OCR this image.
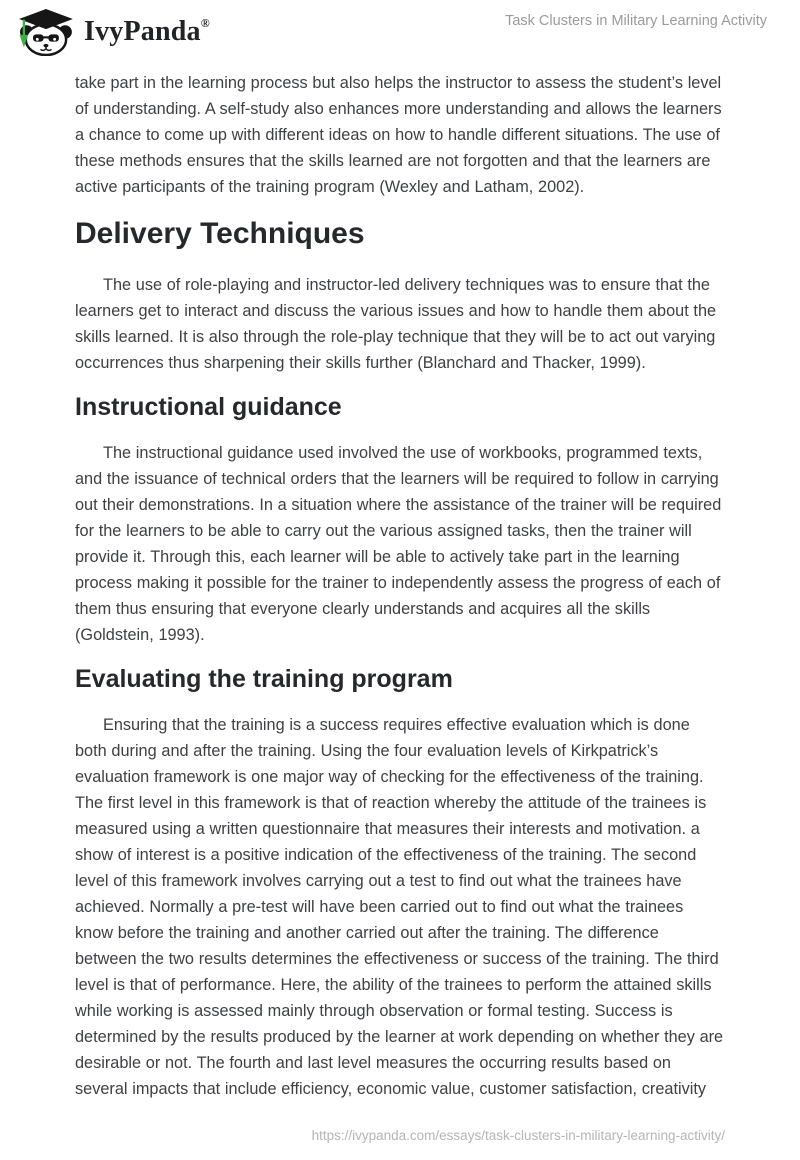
IvyPanda®	Task Clusters in Military Learning Activity

take part in the learning process but also helps the instructor to assess the student’s level of understanding. A self-study also enhances more understanding and allows the learners a chance to come up with different ideas on how to handle different situations. The use of these methods ensures that the skills learned are not forgotten and that the learners are active participants of the training program (Wexley and Latham, 2002).

Delivery Techniques

The use of role-playing and instructor-led delivery techniques was to ensure that the learners get to interact and discuss the various issues and how to handle them about the skills learned. It is also through the role-play technique that they will be to act out varying occurrences thus sharpening their skills further (Blanchard and Thacker, 1999).

Instructional guidance

The instructional guidance used involved the use of workbooks, programmed texts, and the issuance of technical orders that the learners will be required to follow in carrying out their demonstrations. In a situation where the assistance of the trainer will be required for the learners to be able to carry out the various assigned tasks, then the trainer will provide it. Through this, each learner will be able to actively take part in the learning process making it possible for the trainer to independently assess the progress of each of them thus ensuring that everyone clearly understands and acquires all the skills (Goldstein, 1993).

Evaluating the training program

Ensuring that the training is a success requires effective evaluation which is done both during and after the training. Using the four evaluation levels of Kirkpatrick’s evaluation framework is one major way of checking for the effectiveness of the training. The first level in this framework is that of reaction whereby the attitude of the trainees is measured using a written questionnaire that measures their interests and motivation. a show of interest is a positive indication of the effectiveness of the training. The second level of this framework involves carrying out a test to find out what the trainees have achieved. Normally a pre-test will have been carried out to find out what the trainees know before the training and another carried out after the training. The difference between the two results determines the effectiveness or success of the training. The third level is that of performance. Here, the ability of the trainees to perform the attained skills while working is assessed mainly through observation or formal testing. Success is determined by the results produced by the learner at work depending on whether they are desirable or not. The fourth and last level measures the occurring results based on several impacts that include efficiency, economic value, customer satisfaction, creativity

https://ivypanda.com/essays/task-clusters-in-military-learning-activity/
